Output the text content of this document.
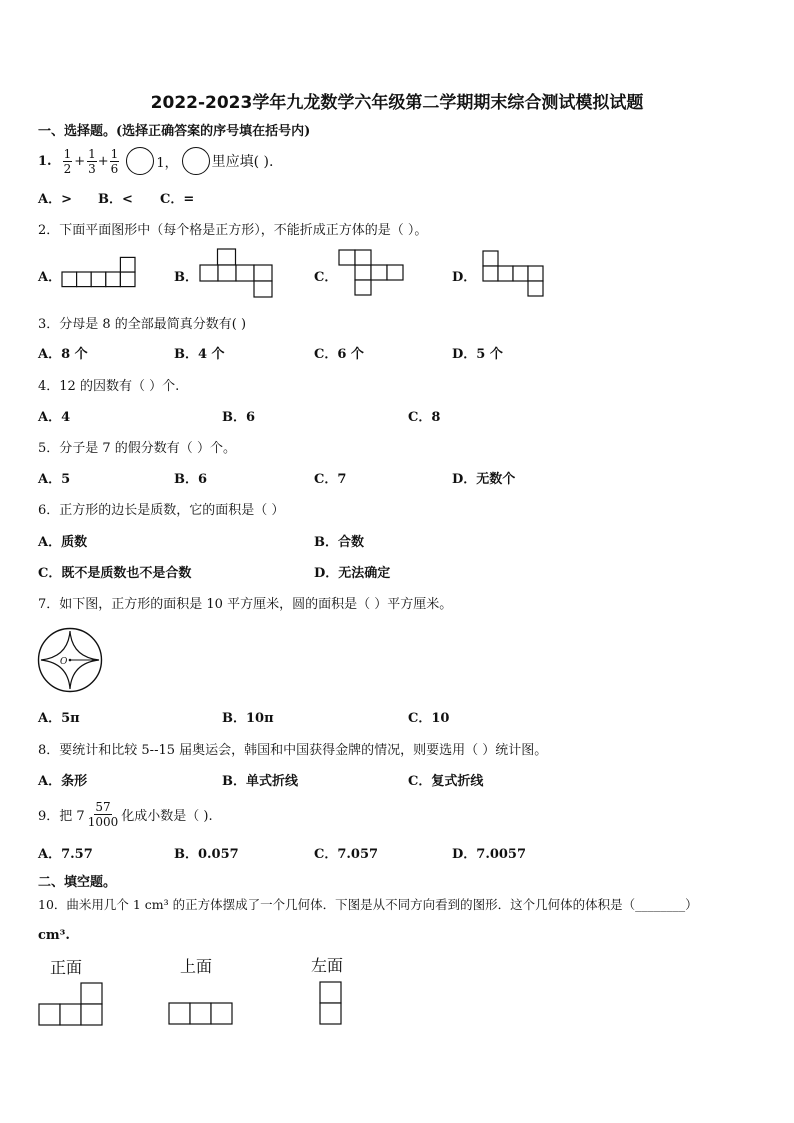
2022-2023学年九龙数学六年级第二学期期末综合测试模拟试题
一、选择题。(选择正确答案的序号填在括号内)
1. $\frac{1}{2} + \frac{1}{3} + \frac{1}{6}$	1， 里应填( ).
A．> B．< C．=
2．下面平面图形中（每个格是正方形），不能折成正方体的是（ ）。
A．	B．	C．	D．
3．分母是 8 的全部最简真分数有( )
A．8 个	B．4 个	C．6 个	D．5 个
4．12 的因数有（ ）个.
A．4	B．6	C．8
5．分子是 7 的假分数有（ ）个。
A．5	B．6	C．7	D．无数个
6．正方形的边长是质数，它的面积是（ ）
A．质数	B．合数
C．既不是质数也不是合数	D．无法确定
7．如下图，正方形的面积是 10 平方厘米，圆的面积是（ ）平方厘米。
O
A．5π	B．10π	C．10
8．要统计和比较 5--15 届奥运会，韩国和中国获得金牌的情况，则要选用（ ）统计图。
A．条形	B．单式折线	C．复式折线
9．把 $7 \frac{57}{1000}$ 化成小数是（ ).
A．7.57	B．0.057	C．7.057	D．7.0057
二、填空题。
10．曲米用几个 1 cm³ 的正方体摆成了一个几何体．下图是从不同方向看到的图形．这个几何体的体积是（________）
cm³.
正面	上面	左面
